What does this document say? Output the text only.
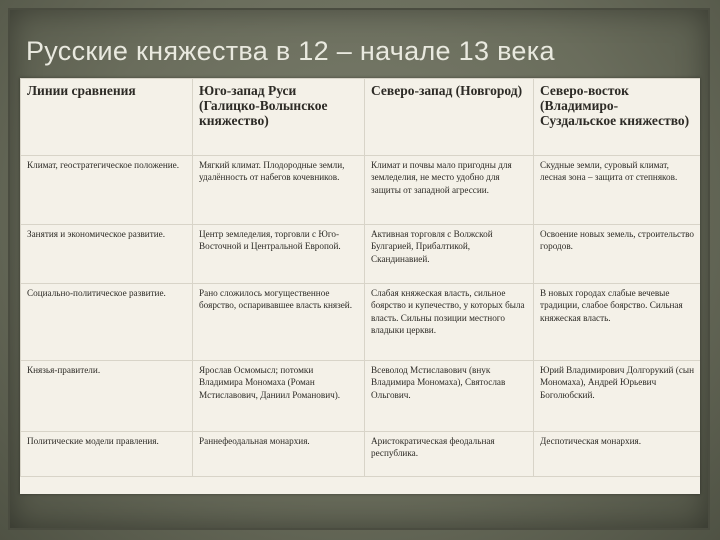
Русские княжества в 12 – начале 13 века
Линии сравнения	Юго-запад Руси (Галицко-Волынское княжество)	Северо-запад (Новгород)	Северо-восток (Владимиро-Суздальское княжество)
Климат, геостратегическое положение.	Мягкий климат. Плодородные земли, удалённость от набегов кочевников.	Климат и почвы мало пригодны для земледелия, не место удобно для защиты от западной агрессии.	Скудные земли, суровый климат, лесная зона – защита от степняков.
Занятия и экономическое развитие.	Центр земледелия, торговли с Юго-Восточной и Центральной Европой.	Активная торговля с Волжской Булгарией, Прибалтикой, Скандинавией.	Освоение новых земель, строительство городов.
Социально-политическое развитие.	Рано сложилось могущественное боярство, оспаривавшее власть князей.	Слабая княжеская власть, сильное боярство и купечество, у которых была власть. Сильны позиции местного владыки церкви.	В новых городах слабые вечевые традиции, слабое боярство. Сильная княжеская власть.
Князья-правители.	Ярослав Осмомысл; потомки Владимира Мономаха (Роман Мстиславович, Даниил Романович).	Всеволод Мстиславович (внук Владимира Мономаха), Святослав Ольгович.	Юрий Владимирович Долгорукий (сын Мономаха), Андрей Юрьевич Боголюбский.
Политические модели правления.	Раннефеодальная монархия.	Аристократическая феодальная республика.	Деспотическая монархия.
